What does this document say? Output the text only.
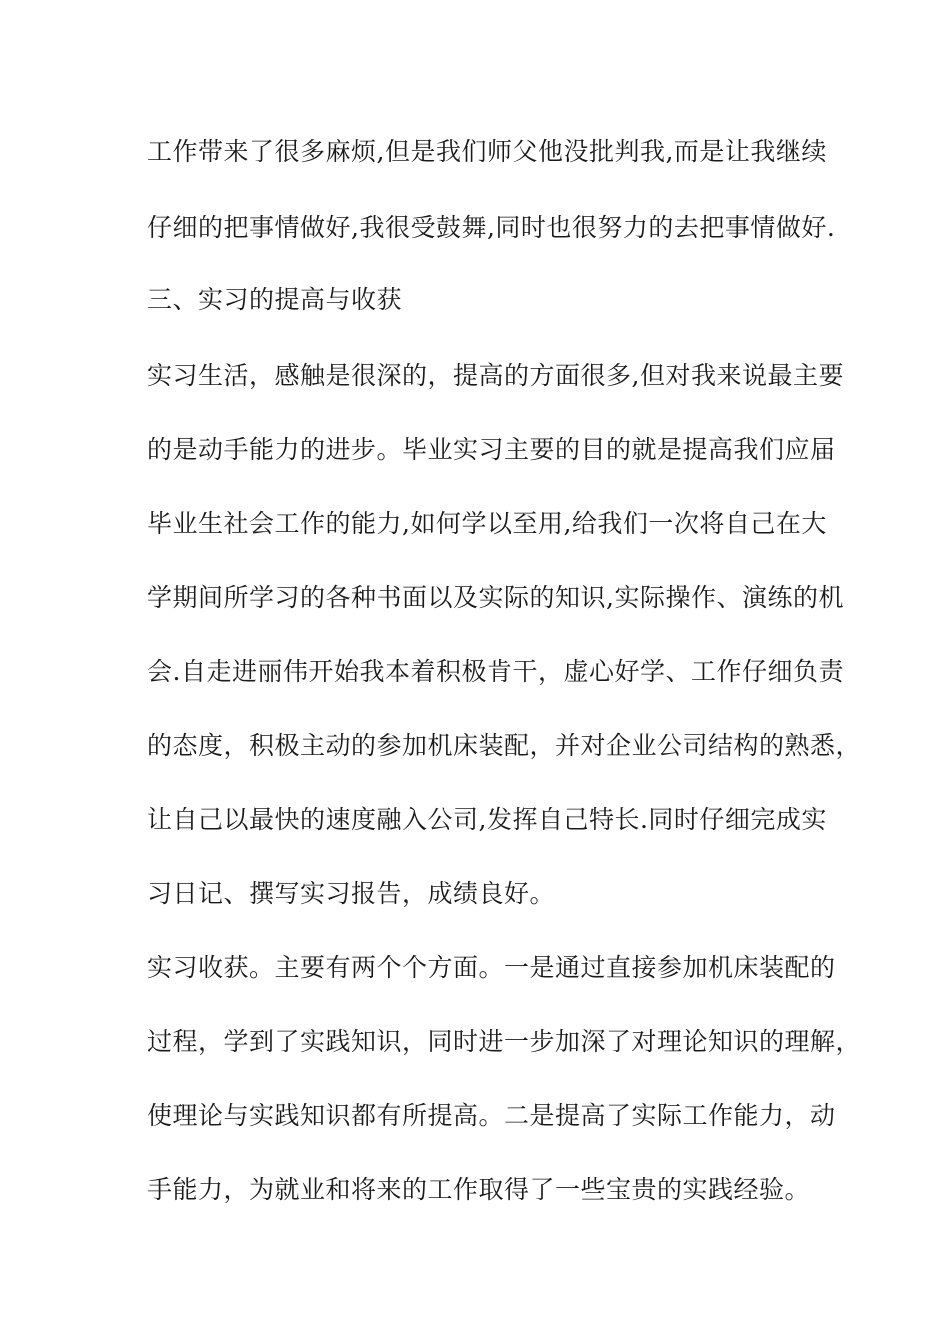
工作带来了很多麻烦,但是我们师父他没批判我,而是让我继续
仔细的把事情做好,我很受鼓舞,同时也很努力的去把事情做好.
三、实习的提高与收获
实习生活，感触是很深的，提高的方面很多,但对我来说最主要
的是动手能力的进步。毕业实习主要的目的就是提高我们应届
毕业生社会工作的能力,如何学以至用,给我们一次将自己在大
学期间所学习的各种书面以及实际的知识,实际操作、演练的机
会.自走进丽伟开始我本着积极肯干，虚心好学、工作仔细负责
的态度，积极主动的参加机床装配，并对企业公司结构的熟悉，
让自己以最快的速度融入公司,发挥自己特长.同时仔细完成实
习日记、撰写实习报告，成绩良好。
实习收获。主要有两个个方面。一是通过直接参加机床装配的
过程，学到了实践知识，同时进一步加深了对理论知识的理解，
使理论与实践知识都有所提高。二是提高了实际工作能力，动
手能力，为就业和将来的工作取得了一些宝贵的实践经验。
